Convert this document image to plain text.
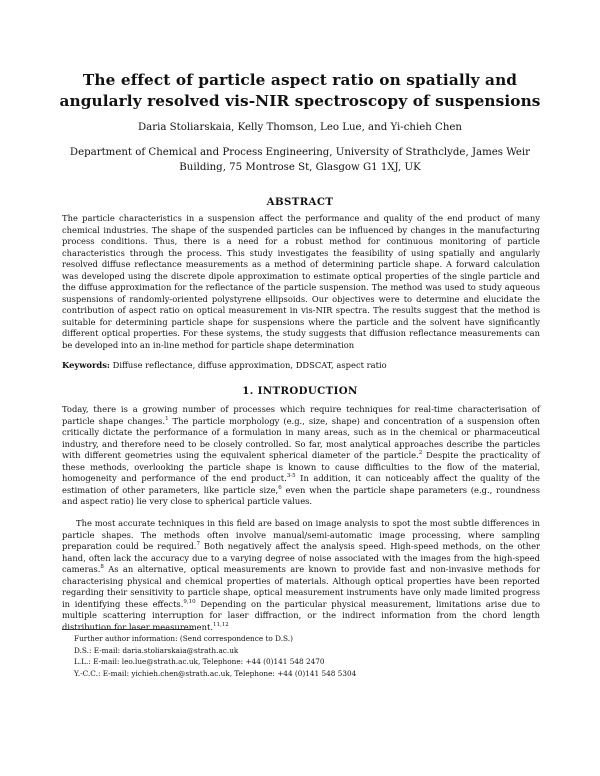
The effect of particle aspect ratio on spatially and angularly resolved vis-NIR spectroscopy of suspensions

Daria Stoliarskaia, Kelly Thomson, Leo Lue, and Yi-chieh Chen

Department of Chemical and Process Engineering, University of Strathclyde, James Weir Building, 75 Montrose St, Glasgow G1 1XJ, UK

ABSTRACT

The particle characteristics in a suspension affect the performance and quality of the end product of many chemical industries. The shape of the suspended particles can be influenced by changes in the manufacturing process conditions. Thus, there is a need for a robust method for continuous monitoring of particle characteristics through the process. This study investigates the feasibility of using spatially and angularly resolved diffuse reflectance measurements as a method of determining particle shape. A forward calculation was developed using the discrete dipole approximation to estimate optical properties of the single particle and the diffuse approximation for the reflectance of the particle suspension. The method was used to study aqueous suspensions of randomly-oriented polystyrene ellipsoids. Our objectives were to determine and elucidate the contribution of aspect ratio on optical measurement in vis-NIR spectra. The results suggest that the method is suitable for determining particle shape for suspensions where the particle and the solvent have significantly different optical properties. For these systems, the study suggests that diffusion reflectance measurements can be developed into an in-line method for particle shape determination

Keywords: Diffuse reflectance, diffuse approximation, DDSCAT, aspect ratio

1. INTRODUCTION

Today, there is a growing number of processes which require techniques for real-time characterisation of particle shape changes.$^1$ The particle morphology (e.g., size, shape) and concentration of a suspension often critically dictate the performance of a formulation in many areas, such as in the chemical or pharmaceutical industry, and therefore need to be closely controlled. So far, most analytical approaches describe the particles with different geometries using the equivalent spherical diameter of the particle.$^2$ Despite the practicality of these methods, overlooking the particle shape is known to cause difficulties to the flow of the material, homogeneity and performance of the end product.$^{3-5}$ In addition, it can noticeably affect the quality of the estimation of other parameters, like particle size,$^6$ even when the particle shape parameters (e.g., roundness and aspect ratio) lie very close to spherical particle values.

The most accurate techniques in this field are based on image analysis to spot the most subtle differences in particle shapes. The methods often involve manual/semi-automatic image processing, where sampling preparation could be required.$^7$ Both negatively affect the analysis speed. High-speed methods, on the other hand, often lack the accuracy due to a varying degree of noise associated with the images from the high-speed cameras.$^8$ As an alternative, optical measurements are known to provide fast and non-invasive methods for characterising physical and chemical properties of materials. Although optical properties have been reported regarding their sensitivity to particle shape, optical measurement instruments have only made limited progress in identifying these effects.$^{9,10}$ Depending on the particular physical measurement, limitations arise due to multiple scattering interruption for laser diffraction, or the indirect information from the chord length distribution for laser measurement.$^{11,12}$

Further author information: (Send correspondence to D.S.)
D.S.: E-mail: daria.stoliarskaia@strath.ac.uk
L.L.: E-mail: leo.lue@strath.ac.uk, Telephone: +44 (0)141 548 2470
Y.-C.C.: E-mail: yichieh.chen@strath.ac.uk, Telephone: +44 (0)141 548 5304
